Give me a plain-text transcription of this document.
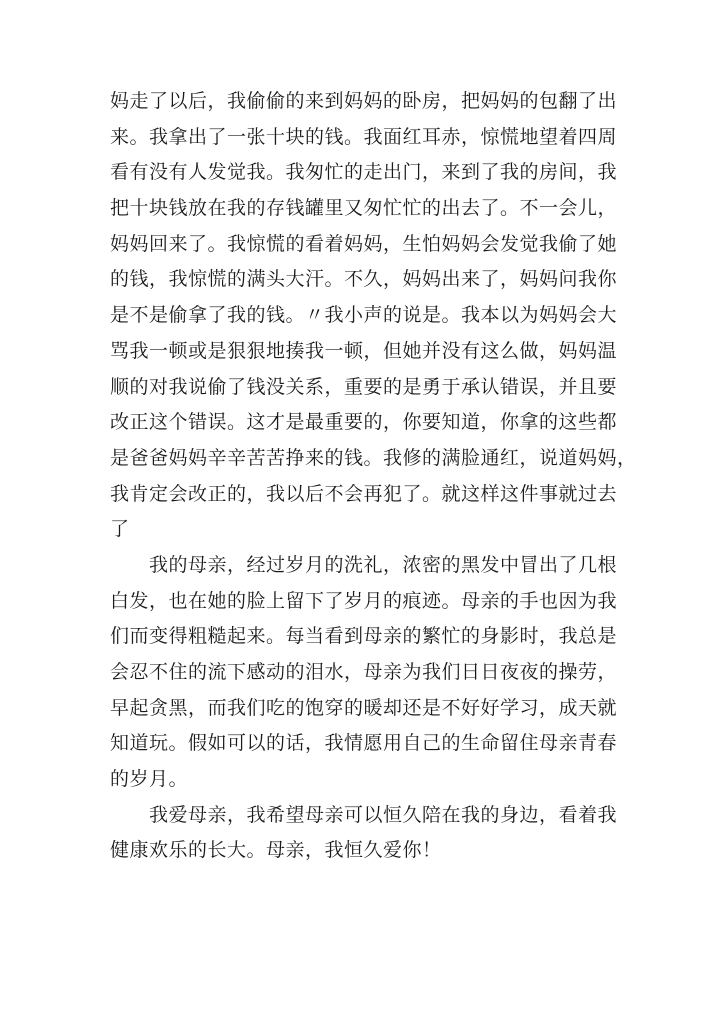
妈走了以后，我偷偷的来到妈妈的卧房，把妈妈的包翻了出
来。我拿出了一张十块的钱。我面红耳赤，惊慌地望着四周
看有没有人发觉我。我匆忙的走出门，来到了我的房间，我
把十块钱放在我的存钱罐里又匆忙忙的出去了。不一会儿，
妈妈回来了。我惊慌的看着妈妈，生怕妈妈会发觉我偷了她
的钱，我惊慌的满头大汗。不久，妈妈出来了，妈妈问我你
是不是偷拿了我的钱。〃我小声的说是。我本以为妈妈会大
骂我一顿或是狠狠地揍我一顿，但她并没有这么做，妈妈温
顺的对我说偷了钱没关系，重要的是勇于承认错误，并且要
改正这个错误。这才是最重要的，你要知道，你拿的这些都
是爸爸妈妈辛辛苦苦挣来的钱。我修的满脸通红，说道妈妈，
我肯定会改正的，我以后不会再犯了。就这样这件事就过去
了
　　我的母亲，经过岁月的洗礼，浓密的黑发中冒出了几根
白发，也在她的脸上留下了岁月的痕迹。母亲的手也因为我
们而变得粗糙起来。每当看到母亲的繁忙的身影时，我总是
会忍不住的流下感动的泪水，母亲为我们日日夜夜的操劳，
早起贪黑，而我们吃的饱穿的暖却还是不好好学习，成天就
知道玩。假如可以的话，我情愿用自己的生命留住母亲青春
的岁月。
　　我爱母亲，我希望母亲可以恒久陪在我的身边，看着我
健康欢乐的长大。母亲，我恒久爱你！
